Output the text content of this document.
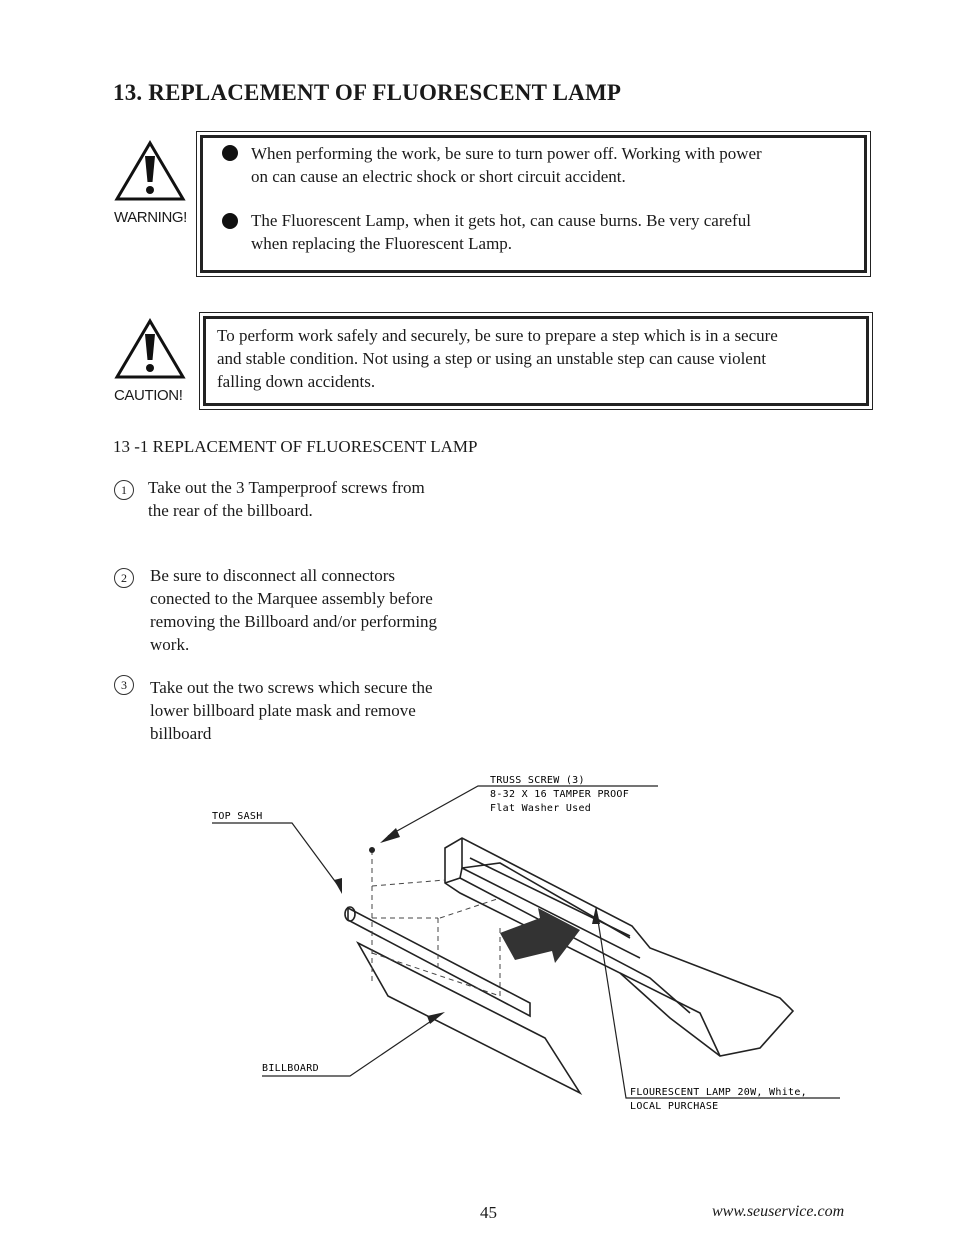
13. REPLACEMENT OF FLUORESCENT LAMP
WARNING!
When performing the work, be sure to turn power off. Working with power
on can cause an electric shock or short circuit accident.
The Fluorescent Lamp, when it gets hot, can cause burns. Be very careful
when replacing the Fluorescent Lamp.
CAUTION!
To perform work safely and securely, be sure to prepare a step which is in a secure
and stable condition. Not using a step or using an unstable step can cause violent
falling down accidents.
13 -1 REPLACEMENT OF FLUORESCENT LAMP
1	Take out the 3 Tamperproof screws from
the rear of the billboard.
2	Be sure to disconnect all connectors
conected to the Marquee assembly before
removing the Billboard and/or performing
work.
3	Take out the two screws which secure the
lower billboard plate mask and remove
billboard
TRUSS SCREW (3)
8-32 X 16 TAMPER PROOF
Flat Washer Used
TOP SASH
BILLBOARD
FLOURESCENT LAMP 20W, White,
LOCAL PURCHASE
45	www.seuservice.com
